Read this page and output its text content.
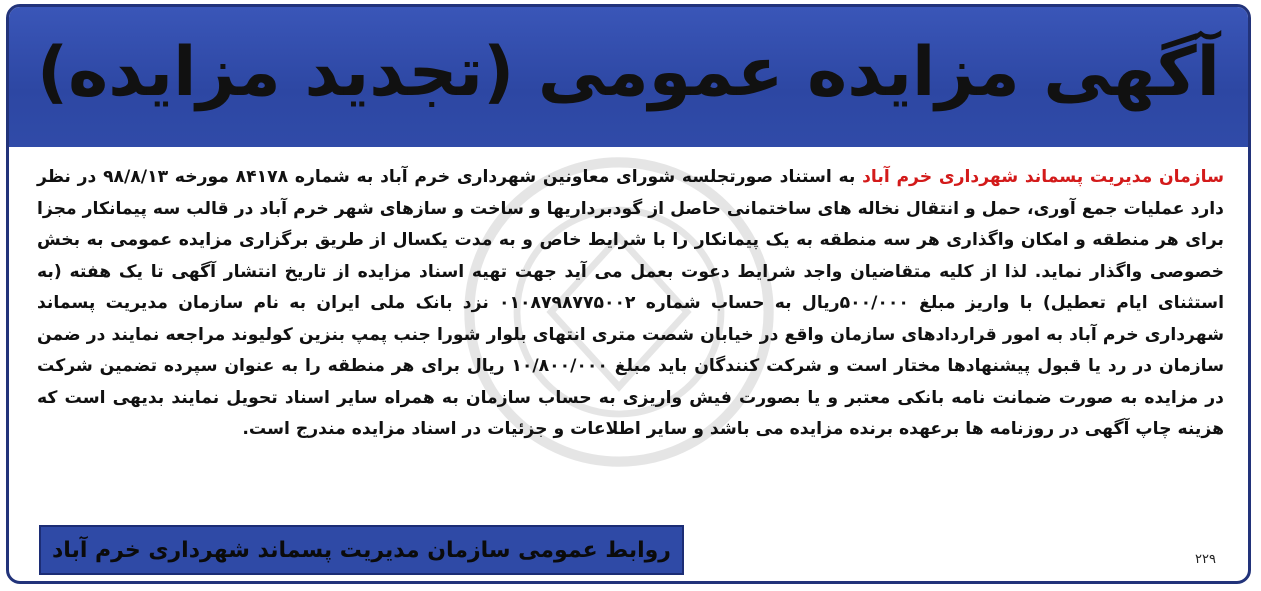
آگهی مزایده عمومی (تجدید مزایده)
سازمان مدیریت پسماند شهرداری خرم آباد به استناد صورتجلسه شورای معاونین شهرداری خرم آباد به شماره ۸۴۱۷۸ مورخه ۹۸/۸/۱۳ در نظر دارد عملیات جمع آوری، حمل و انتقال نخاله های ساختمانی حاصل از گودبرداریها و ساخت و سازهای شهر خرم آباد در قالب سه پیمانکار مجزا برای هر منطقه و امکان واگذاری هر سه منطقه به یک پیمانکار را با شرایط خاص و به مدت یکسال از طریق برگزاری مزایده عمومی به بخش خصوصی واگذار نماید. لذا از کلیه متقاضیان واجد شرایط دعوت بعمل می آید جهت تهیه اسناد مزایده از تاریخ انتشار آگهی تا یک هفته (به استثنای ایام تعطیل) با واریز مبلغ ۵۰۰/۰۰۰ریال به حساب شماره ۰۱۰۸۷۹۸۷۷۵۰۰۲ نزد بانک ملی ایران به نام سازمان مدیریت پسماند شهرداری خرم آباد به امور قراردادهای سازمان واقع در خیابان شصت متری انتهای بلوار شورا جنب پمپ بنزین کولیوند مراجعه نمایند در ضمن سازمان در رد یا قبول پیشنهادها مختار است و شرکت کنندگان باید مبلغ ۱۰/۸۰۰/۰۰۰ ریال برای هر منطقه را به عنوان سپرده تضمین شرکت در مزایده به صورت ضمانت نامه بانکی معتبر و یا بصورت فیش واریزی به حساب سازمان به همراه سایر اسناد تحویل نمایند بدیهی است که هزینه چاپ آگهی در روزنامه ها برعهده برنده مزایده می باشد و سایر اطلاعات و جزئیات در اسناد مزایده مندرج است.
روابط عمومی سازمان مدیریت پسماند شهرداری خرم آباد	۲۲۹
